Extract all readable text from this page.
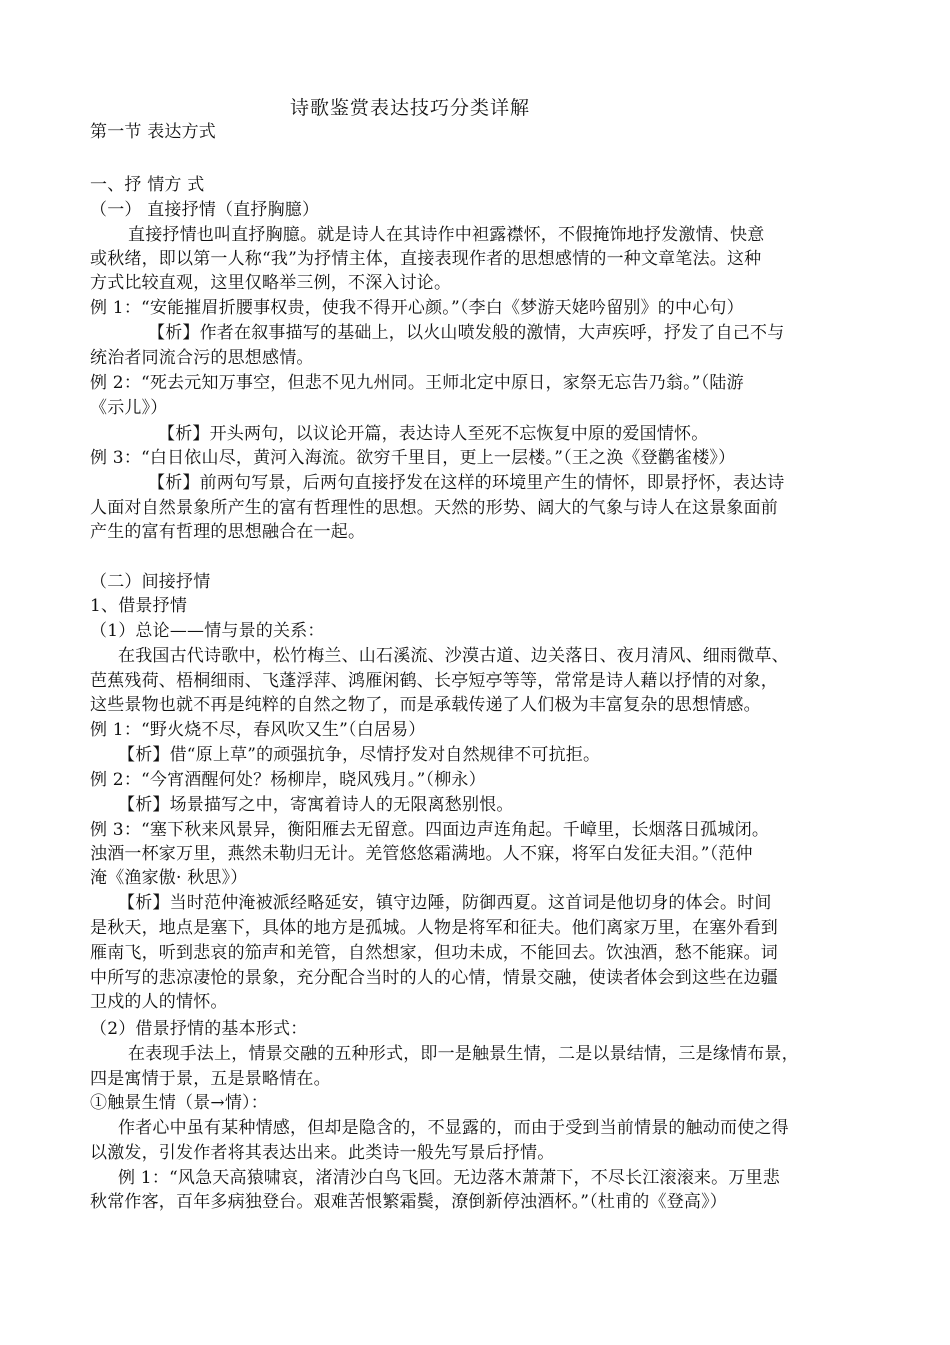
诗歌鉴赏表达技巧分类详解
第一节 表达方式
一、抒 情方 式
（一） 直接抒情（直抒胸臆）
直接抒情也叫直抒胸臆。就是诗人在其诗作中袒露襟怀，不假掩饰地抒发激情、快意
或秋绪，即以第一人称“我”为抒情主体，直接表现作者的思想感情的一种文章笔法。这种
方式比较直观，这里仅略举三例，不深入讨论。
例 1：“安能摧眉折腰事权贵，使我不得开心颜。”（李白《梦游天姥吟留别》的中心句）
【析】作者在叙事描写的基础上，以火山喷发般的激情，大声疾呼，抒发了自己不与
统治者同流合污的思想感情。
例 2：“死去元知万事空，但悲不见九州同。王师北定中原日，家祭无忘告乃翁。”（陆游
《示儿》）
【析】开头两句，以议论开篇，表达诗人至死不忘恢复中原的爱国情怀。
例 3：“白日依山尽，黄河入海流。欲穷千里目，更上一层楼。”（王之涣《登鹳雀楼》）
【析】前两句写景，后两句直接抒发在这样的环境里产生的情怀，即景抒怀，表达诗
人面对自然景象所产生的富有哲理性的思想。天然的形势、阔大的气象与诗人在这景象面前
产生的富有哲理的思想融合在一起。
（二）间接抒情
1、借景抒情
（1）总论——情与景的关系：
在我国古代诗歌中，松竹梅兰、山石溪流、沙漠古道、边关落日、夜月清风、细雨微草、
芭蕉残荷、梧桐细雨、飞蓬浮萍、鸿雁闲鹤、长亭短亭等等，常常是诗人藉以抒情的对象，
这些景物也就不再是纯粹的自然之物了，而是承载传递了人们极为丰富复杂的思想情感。
例 1：“野火烧不尽，春风吹又生”（白居易）
【析】借“原上草”的顽强抗争，尽情抒发对自然规律不可抗拒。
例 2：“今宵酒醒何处？杨柳岸，晓风残月。”（柳永）
【析】场景描写之中，寄寓着诗人的无限离愁别恨。
例 3：“塞下秋来风景异，衡阳雁去无留意。四面边声连角起。千嶂里，长烟落日孤城闭。
浊酒一杯家万里，燕然未勒归无计。羌管悠悠霜满地。人不寐，将军白发征夫泪。”（范仲
淹《渔家傲· 秋思》）
【析】当时范仲淹被派经略延安，镇守边陲，防御西夏。这首词是他切身的体会。时间
是秋天，地点是塞下，具体的地方是孤城。人物是将军和征夫。他们离家万里，在塞外看到
雁南飞，听到悲哀的笳声和羌管，自然想家，但功未成，不能回去。饮浊酒，愁不能寐。词
中所写的悲凉凄怆的景象，充分配合当时的人的心情，情景交融，使读者体会到这些在边疆
卫戍的人的情怀。
（2）借景抒情的基本形式：
在表现手法上，情景交融的五种形式，即一是触景生情，二是以景结情，三是缘情布景，
四是寓情于景，五是景略情在。
①触景生情（景→情）：
作者心中虽有某种情感，但却是隐含的，不显露的，而由于受到当前情景的触动而使之得
以激发，引发作者将其表达出来。此类诗一般先写景后抒情。
例 1：“风急天高猿啸哀，渚清沙白鸟飞回。无边落木萧萧下，不尽长江滚滚来。万里悲
秋常作客，百年多病独登台。艰难苦恨繁霜鬓，潦倒新停浊酒杯。”（杜甫的《登高》）
